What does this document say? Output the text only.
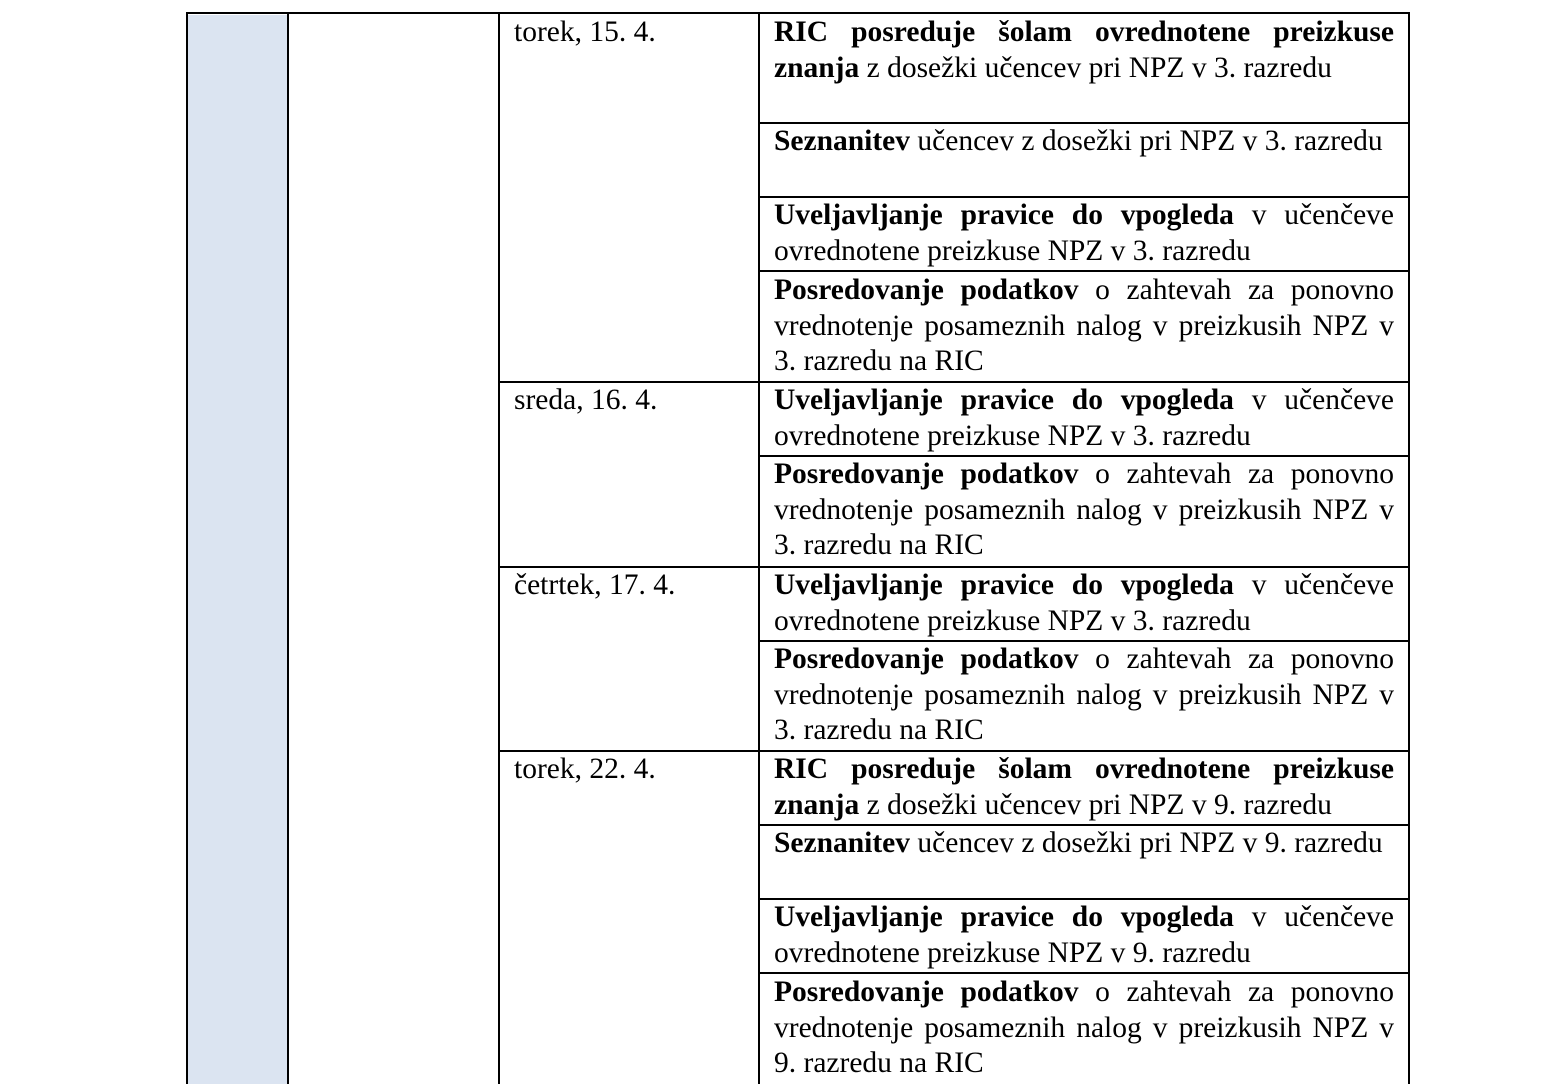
torek, 15. 4.
sreda, 16. 4.
četrtek, 17. 4.
torek, 22. 4.
RIC posreduje šolam ovrednotene preizkuse znanja z dosežki učencev pri NPZ v 3. razredu
Seznanitev učencev z dosežki pri NPZ v 3. razredu
Uveljavljanje pravice do vpogleda v učenčeve ovrednotene preizkuse NPZ v 3. razredu
Posredovanje podatkov o zahtevah za ponovno vrednotenje posameznih nalog v preizkusih NPZ v 3. razredu na RIC
Uveljavljanje pravice do vpogleda v učenčeve ovrednotene preizkuse NPZ v 3. razredu
Posredovanje podatkov o zahtevah za ponovno vrednotenje posameznih nalog v preizkusih NPZ v 3. razredu na RIC
Uveljavljanje pravice do vpogleda v učenčeve ovrednotene preizkuse NPZ v 3. razredu
Posredovanje podatkov o zahtevah za ponovno vrednotenje posameznih nalog v preizkusih NPZ v 3. razredu na RIC
RIC posreduje šolam ovrednotene preizkuse znanja z dosežki učencev pri NPZ v 9. razredu
Seznanitev učencev z dosežki pri NPZ v 9. razredu
Uveljavljanje pravice do vpogleda v učenčeve ovrednotene preizkuse NPZ v 9. razredu
Posredovanje podatkov o zahtevah za ponovno vrednotenje posameznih nalog v preizkusih NPZ v 9. razredu na RIC
